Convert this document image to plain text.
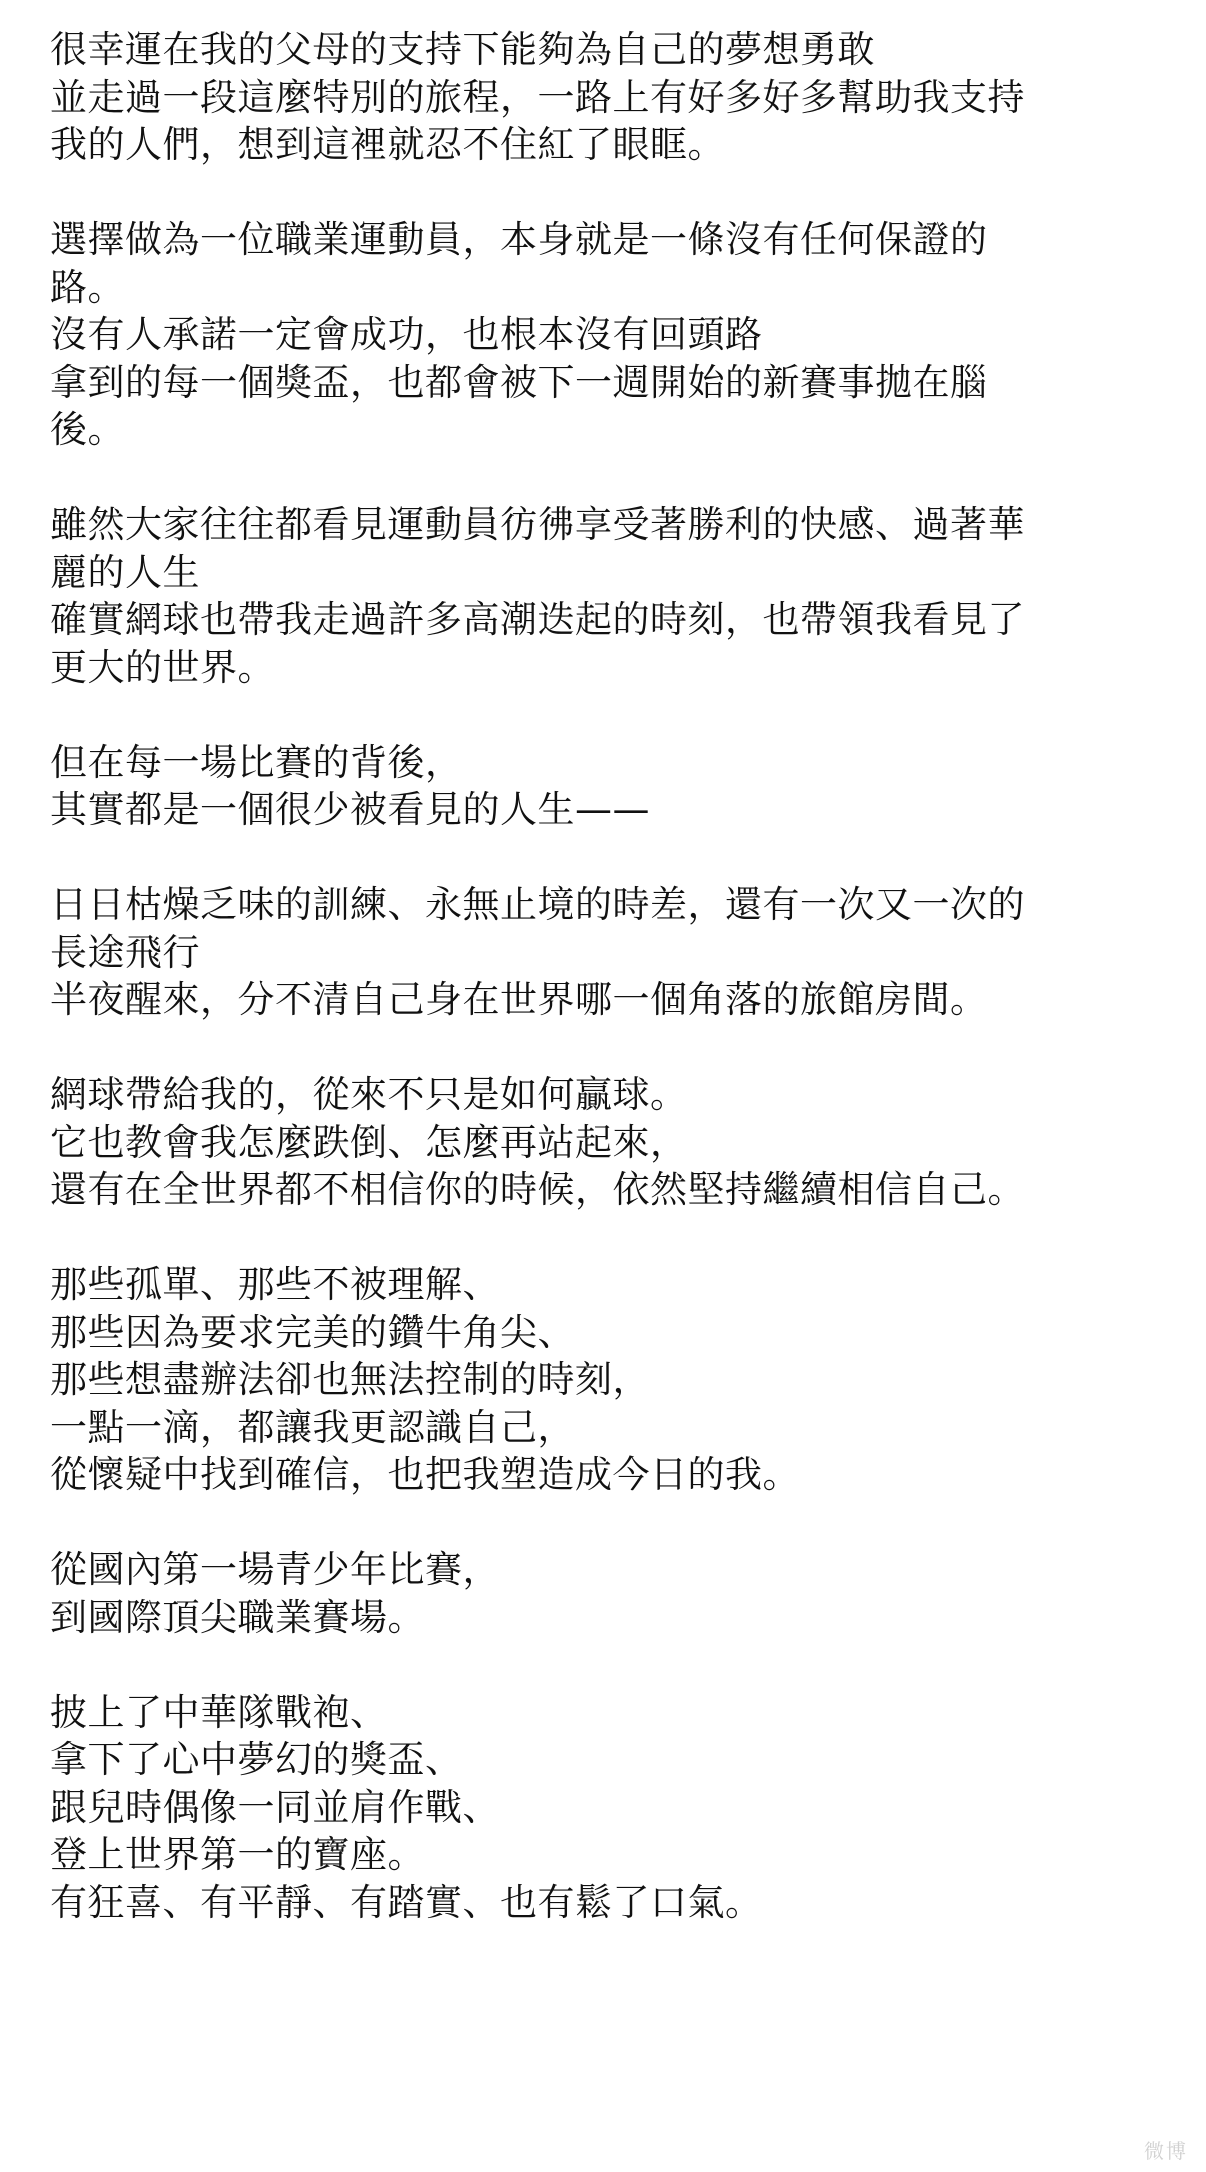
很幸運在我的父母的支持下能夠為自己的夢想勇敢
並走過一段這麼特別的旅程，一路上有好多好多幫助我支持
我的人們，想到這裡就忍不住紅了眼眶。
選擇做為一位職業運動員，本身就是一條沒有任何保證的
路。
沒有人承諾一定會成功，也根本沒有回頭路
拿到的每一個獎盃，也都會被下一週開始的新賽事拋在腦
後。
雖然大家往往都看見運動員彷彿享受著勝利的快感、過著華
麗的人生
確實網球也帶我走過許多高潮迭起的時刻，也帶領我看見了
更大的世界。
但在每一場比賽的背後，
其實都是一個很少被看見的人生——
日日枯燥乏味的訓練、永無止境的時差，還有一次又一次的
長途飛行
半夜醒來，分不清自己身在世界哪一個角落的旅館房間。
網球帶給我的，從來不只是如何贏球。
它也教會我怎麼跌倒、怎麼再站起來，
還有在全世界都不相信你的時候，依然堅持繼續相信自己。
那些孤單、那些不被理解、
那些因為要求完美的鑽牛角尖、
那些想盡辦法卻也無法控制的時刻，
一點一滴，都讓我更認識自己，
從懷疑中找到確信，也把我塑造成今日的我。
從國內第一場青少年比賽，
到國際頂尖職業賽場。
披上了中華隊戰袍、
拿下了心中夢幻的獎盃、
跟兒時偶像一同並肩作戰、
登上世界第一的寶座。
有狂喜、有平靜、有踏實、也有鬆了口氣。
微博
